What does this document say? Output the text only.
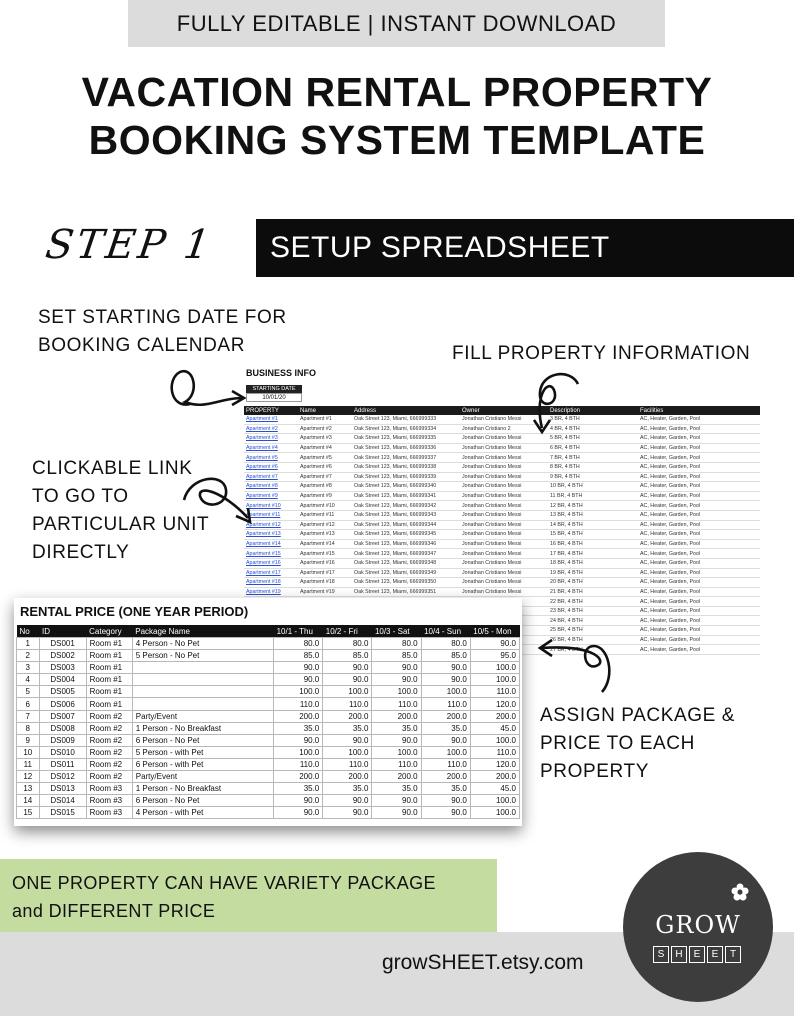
FULLY EDITABLE | INSTANT DOWNLOAD
VACATION RENTAL PROPERTY
BOOKING SYSTEM TEMPLATE
STEP 1 SETUP SPREADSHEET
SET STARTING DATE FOR
BOOKING CALENDAR	FILL PROPERTY INFORMATION
CLICKABLE LINK
TO GO TO
PARTICULAR UNIT
DIRECTLY
ASSIGN PACKAGE &
PRICE TO EACH
PROPERTY
BUSINESS INFO
STARTING DATE
10/01/20
PROPERTY	Name	Address	Owner	Description	Facilities
Apartment #1	Apartment #1	Oak Street 123, Miami, 666999333	Jonathan Cristiano Messi	3 BR, 4 BTH	AC, Heater, Garden, Pool
Apartment #2	Apartment #2	Oak Street 123, Miami, 666999334	Jonathan Cristiano 2	4 BR, 4 BTH	AC, Heater, Garden, Pool
Apartment #3	Apartment #3	Oak Street 123, Miami, 666999335	Jonathan Cristiano Messi	5 BR, 4 BTH	AC, Heater, Garden, Pool
Apartment #4	Apartment #4	Oak Street 123, Miami, 666999336	Jonathan Cristiano Messi	6 BR, 4 BTH	AC, Heater, Garden, Pool
Apartment #5	Apartment #5	Oak Street 123, Miami, 666999337	Jonathan Cristiano Messi	7 BR, 4 BTH	AC, Heater, Garden, Pool
Apartment #6	Apartment #6	Oak Street 123, Miami, 666999338	Jonathan Cristiano Messi	8 BR, 4 BTH	AC, Heater, Garden, Pool
Apartment #7	Apartment #7	Oak Street 123, Miami, 666999339	Jonathan Cristiano Messi	9 BR, 4 BTH	AC, Heater, Garden, Pool
Apartment #8	Apartment #8	Oak Street 123, Miami, 666999340	Jonathan Cristiano Messi	10 BR, 4 BTH	AC, Heater, Garden, Pool
Apartment #9	Apartment #9	Oak Street 123, Miami, 666999341	Jonathan Cristiano Messi	11 BR, 4 BTH	AC, Heater, Garden, Pool
Apartment #10	Apartment #10	Oak Street 123, Miami, 666999342	Jonathan Cristiano Messi	12 BR, 4 BTH	AC, Heater, Garden, Pool
Apartment #11	Apartment #11	Oak Street 123, Miami, 666999343	Jonathan Cristiano Messi	13 BR, 4 BTH	AC, Heater, Garden, Pool
Apartment #12	Apartment #12	Oak Street 123, Miami, 666999344	Jonathan Cristiano Messi	14 BR, 4 BTH	AC, Heater, Garden, Pool
Apartment #13	Apartment #13	Oak Street 123, Miami, 666999345	Jonathan Cristiano Messi	15 BR, 4 BTH	AC, Heater, Garden, Pool
Apartment #14	Apartment #14	Oak Street 123, Miami, 666999346	Jonathan Cristiano Messi	16 BR, 4 BTH	AC, Heater, Garden, Pool
Apartment #15	Apartment #15	Oak Street 123, Miami, 666999347	Jonathan Cristiano Messi	17 BR, 4 BTH	AC, Heater, Garden, Pool
Apartment #16	Apartment #16	Oak Street 123, Miami, 666999348	Jonathan Cristiano Messi	18 BR, 4 BTH	AC, Heater, Garden, Pool
Apartment #17	Apartment #17	Oak Street 123, Miami, 666999349	Jonathan Cristiano Messi	19 BR, 4 BTH	AC, Heater, Garden, Pool
Apartment #18	Apartment #18	Oak Street 123, Miami, 666999350	Jonathan Cristiano Messi	20 BR, 4 BTH	AC, Heater, Garden, Pool
Apartment #19	Apartment #19	Oak Street 123, Miami, 666999351	Jonathan Cristiano Messi	21 BR, 4 BTH	AC, Heater, Garden, Pool
				22 BR, 4 BTH	AC, Heater, Garden, Pool
				23 BR, 4 BTH	AC, Heater, Garden, Pool
				24 BR, 4 BTH	AC, Heater, Garden, Pool
				25 BR, 4 BTH	AC, Heater, Garden, Pool
				26 BR, 4 BTH	AC, Heater, Garden, Pool
				27 BR, 4 BTH	AC, Heater, Garden, Pool
RENTAL PRICE (ONE YEAR PERIOD)
No	ID	Category	Package Name	10/1 - Thu	10/2 - Fri	10/3 - Sat	10/4 - Sun	10/5 - Mon
1	DS001	Room #1	4 Person - No Pet	80.0	80.0	80.0	80.0	90.0
2	DS002	Room #1	5 Person - No Pet	85.0	85.0	85.0	85.0	95.0
3	DS003	Room #1		90.0	90.0	90.0	90.0	100.0
4	DS004	Room #1		90.0	90.0	90.0	90.0	100.0
5	DS005	Room #1		100.0	100.0	100.0	100.0	110.0
6	DS006	Room #1		110.0	110.0	110.0	110.0	120.0
7	DS007	Room #2	Party/Event	200.0	200.0	200.0	200.0	200.0
8	DS008	Room #2	1 Person - No Breakfast	35.0	35.0	35.0	35.0	45.0
9	DS009	Room #2	6 Person - No Pet	90.0	90.0	90.0	90.0	100.0
10	DS010	Room #2	5 Person - with Pet	100.0	100.0	100.0	100.0	110.0
11	DS011	Room #2	6 Person - with Pet	110.0	110.0	110.0	110.0	120.0
12	DS012	Room #2	Party/Event	200.0	200.0	200.0	200.0	200.0
13	DS013	Room #3	1 Person - No Breakfast	35.0	35.0	35.0	35.0	45.0
14	DS014	Room #3	6 Person - No Pet	90.0	90.0	90.0	90.0	100.0
15	DS015	Room #3	4 Person - with Pet	90.0	90.0	90.0	90.0	100.0
ONE PROPERTY CAN HAVE VARIETY PACKAGE
and DIFFERENT PRICE
growSHEET.etsy.com
GROW
S	H	E	E	T
